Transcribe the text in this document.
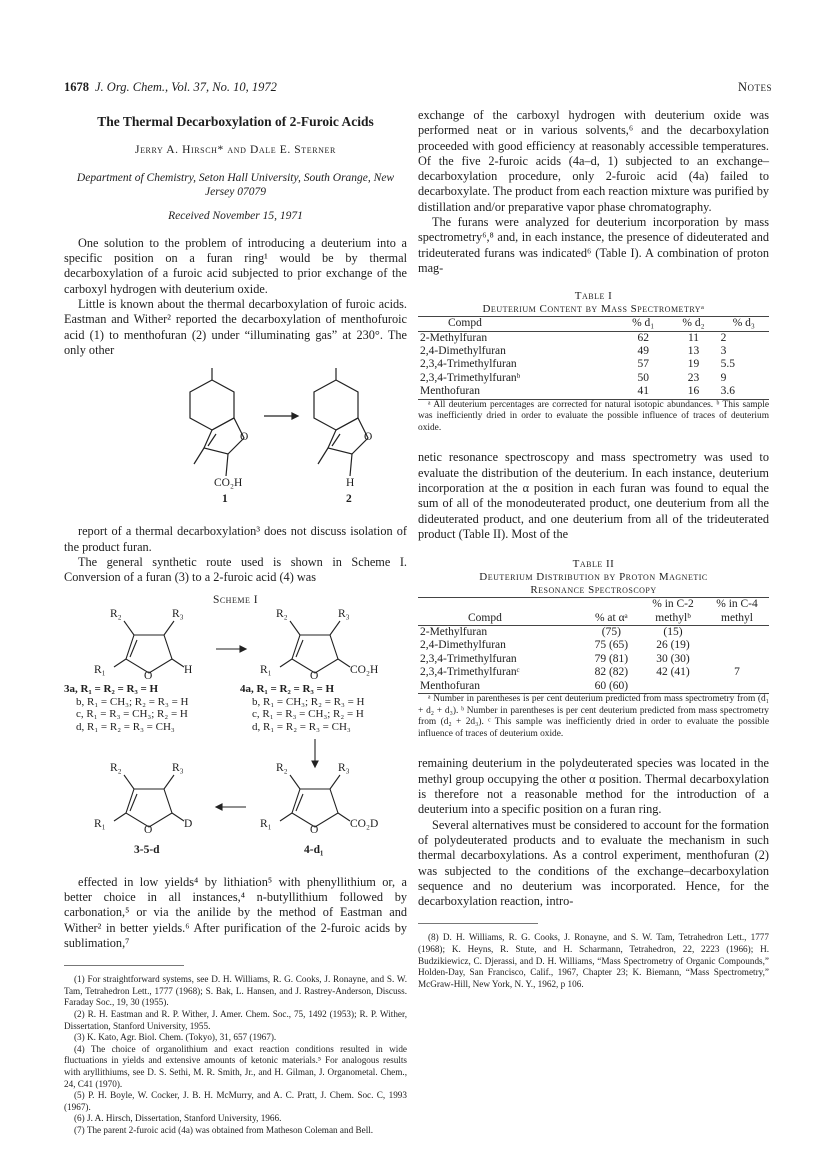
1678 J. Org. Chem., Vol. 37, No. 10, 1972	Notes
The Thermal Decarboxylation of 2-Furoic Acids
Jerry A. Hirsch* and Dale E. Sterner
Department of Chemistry, Seton Hall University, South Orange, New Jersey 07079
Received November 15, 1971

One solution to the problem of introducing a deuterium into a specific position on a furan ring¹ would be by thermal decarboxylation of a furoic acid subjected to prior exchange of the carboxyl hydrogen with deuterium oxide.

Little is known about the thermal decarboxylation of furoic acids. Eastman and Wither² reported the decarboxylation of menthofuroic acid (1) to menthofuran (2) under “illuminating gas” at 230°. The only other

O
CO₂H
1
O
H
2

report of a thermal decarboxylation³ does not discuss isolation of the product furan.

The general synthetic route used is shown in Scheme I. Conversion of a furan (3) to a 2-furoic acid (4) was

Scheme I
R₂	R₃
R₁	O	H
R₂	R₃
R₁	O	CO₂H
3a, R₁ = R₂ = R₃ = H
b, R₁ = CH₃; R₂ = R₃ = H
c, R₁ = R₃ = CH₃; R₂ = H
d, R₁ = R₂ = R₃ = CH₃
4a, R₁ = R₂ = R₃ = H
b, R₁ = CH₃; R₂ = R₃ = H
c, R₁ = R₃ = CH₃; R₂ = H
d, R₁ = R₂ = R₃ = CH₃
R₂	R₃
R₁	O	D
3-5-d
R₂	R₃
R₁	O	CO₂D
4-d₁

effected in low yields⁴ by lithiation⁵ with phenyllithium or, a better choice in all instances,⁴ n-butyllithium followed by carbonation,⁵ or via the anilide by the method of Eastman and Wither² in better yields.⁶ After purification of the 2-furoic acids by sublimation,⁷

(1) For straightforward systems, see D. H. Williams, R. G. Cooks, J. Ronayne, and S. W. Tam, Tetrahedron Lett., 1777 (1968); S. Bak, L. Hansen, and J. Rastrey-Anderson, Discuss. Faraday Soc., 19, 30 (1955).

(2) R. H. Eastman and R. P. Wither, J. Amer. Chem. Soc., 75, 1492 (1953); R. P. Wither, Dissertation, Stanford University, 1955.

(3) K. Kato, Agr. Biol. Chem. (Tokyo), 31, 657 (1967).

(4) The choice of organolithium and exact reaction conditions resulted in wide fluctuations in yields and extensive amounts of ketonic materials.⁵ For analogous results with aryllithiums, see D. S. Sethi, M. R. Smith, Jr., and H. Gilman, J. Organometal. Chem., 24, C41 (1970).

(5) P. H. Boyle, W. Cocker, J. B. H. McMurry, and A. C. Pratt, J. Chem. Soc. C, 1993 (1967).

(6) J. A. Hirsch, Dissertation, Stanford University, 1966.

(7) The parent 2-furoic acid (4a) was obtained from Matheson Coleman and Bell.

exchange of the carboxyl hydrogen with deuterium oxide was performed neat or in various solvents,⁶ and the decarboxylation proceeded with good efficiency at reasonably accessible temperatures. Of the five 2-furoic acids (4a–d, 1) subjected to an exchange–decarboxylation procedure, only 2-furoic acid (4a) failed to decarboxylate. The product from each reaction mixture was purified by distillation and/or preparative vapor phase chromatography.

The furans were analyzed for deuterium incorporation by mass spectrometry⁶,⁸ and, in each instance, the presence of dideuterated and trideuterated furans was indicated⁶ (Table I). A combination of proton mag-

Table I
Deuterium Content by Mass Spectrometryᵃ
Compd	% d₁	% d₂	% d₃
2-Methylfuran	62	11	2
2,4-Dimethylfuran	49	13	3
2,3,4-Trimethylfuran	57	19	5.5
2,3,4-Trimethylfuranᵇ	50	23	9
Menthofuran	41	16	3.6

ᵃ All deuterium percentages are corrected for natural isotopic abundances. ᵇ This sample was inefficiently dried in order to evaluate the possible influence of traces of deuterium oxide.

netic resonance spectroscopy and mass spectrometry was used to evaluate the distribution of the deuterium. In each instance, deuterium incorporation at the α position in each furan was found to equal the sum of all of the monodeuterated product, one deuterium from all the dideuterated product, and one deuterium from all of the trideuterated product (Table II). Most of the

Table II
Deuterium Distribution by Proton Magnetic
Resonance Spectroscopy
Compd	% at αᵃ	% in C-2 methylᵇ	% in C-4 methyl
2-Methylfuran	(75)	(15)	
2,4-Dimethylfuran	75 (65)	26 (19)	
2,3,4-Trimethylfuran	79 (81)	30 (30)	
2,3,4-Trimethylfuranᶜ	82 (82)	42 (41)	7
Menthofuran	60 (60)		

ᵃ Number in parentheses is per cent deuterium predicted from mass spectrometry from (d₁ + d₂ + d₃). ᵇ Number in parentheses is per cent deuterium predicted from mass spectrometry from (d₂ + 2d₃). ᶜ This sample was inefficiently dried in order to evaluate the possible influence of traces of deuterium oxide.

remaining deuterium in the polydeuterated species was located in the methyl group occupying the other α position. Thermal decarboxylation is therefore not a reasonable method for the introduction of a deuterium into a specific position on a furan ring.

Several alternatives must be considered to account for the formation of polydeuterated products and to evaluate the mechanism in such thermal decarboxylations. As a control experiment, menthofuran (2) was subjected to the conditions of the exchange–decarboxylation sequence and no deuterium was incorporated. Hence, for the decarboxylation reaction, intro-

(8) D. H. Williams, R. G. Cooks, J. Ronayne, and S. W. Tam, Tetrahedron Lett., 1777 (1968); K. Heyns, R. Stute, and H. Scharmann, Tetrahedron, 22, 2223 (1966); H. Budzikiewicz, C. Djerassi, and D. H. Williams, “Mass Spectrometry of Organic Compounds,” Holden-Day, San Francisco, Calif., 1967, Chapter 23; K. Biemann, “Mass Spectrometry,” McGraw-Hill, New York, N. Y., 1962, p 106.
